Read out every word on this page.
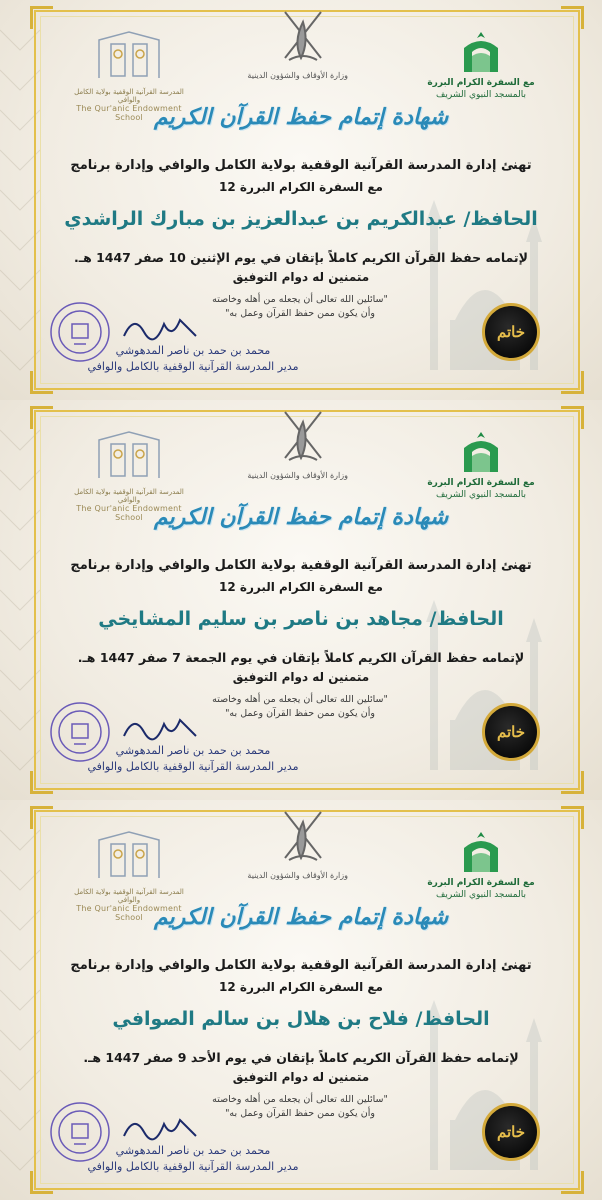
مع السفرة الكرام البررة
بالمسجد النبوي الشريف
وزارة الأوقاف والشؤون الدينية
المدرسة القرآنية الوقفية بولاية الكامل والوافي
The Qur'anic Endowment School شهادة إتمام حفظ القرآن الكريم
تهنئ إدارة المدرسة القرآنية الوقفية بولاية الكامل والوافي وإدارة برنامج
مع السفرة الكرام البررة 12
الحافظ/ عبدالكريم بن عبدالعزيز بن مبارك الراشدي
لإتمامه حفظ القرآن الكريم كاملاً بإتقان في يوم الإثنين 10 صفر 1447 هـ.
متمنين له دوام التوفيق
"سائلين الله تعالى أن يجعله من أهله وخاصته
وأن يكون ممن حفظ القرآن وعمل به"
محمد بن حمد بن ناصر المدهوشي
مدير المدرسة القرآنية الوقفية بالكامل والوافي
خاتم
مع السفرة الكرام البررة
بالمسجد النبوي الشريف
وزارة الأوقاف والشؤون الدينية
المدرسة القرآنية الوقفية بولاية الكامل والوافي
The Qur'anic Endowment School شهادة إتمام حفظ القرآن الكريم
تهنئ إدارة المدرسة القرآنية الوقفية بولاية الكامل والوافي وإدارة برنامج
مع السفرة الكرام البررة 12
الحافظ/ مجاهد بن ناصر بن سليم المشايخي
لإتمامه حفظ القرآن الكريم كاملاً بإتقان في يوم الجمعة 7 صفر 1447 هـ.
متمنين له دوام التوفيق
"سائلين الله تعالى أن يجعله من أهله وخاصته
وأن يكون ممن حفظ القرآن وعمل به"
محمد بن حمد بن ناصر المدهوشي
مدير المدرسة القرآنية الوقفية بالكامل والوافي
خاتم
مع السفرة الكرام البررة
بالمسجد النبوي الشريف
وزارة الأوقاف والشؤون الدينية
المدرسة القرآنية الوقفية بولاية الكامل والوافي
The Qur'anic Endowment School شهادة إتمام حفظ القرآن الكريم
تهنئ إدارة المدرسة القرآنية الوقفية بولاية الكامل والوافي وإدارة برنامج
مع السفرة الكرام البررة 12
الحافظ/ فلاح بن هلال بن سالم الصوافي
لإتمامه حفظ القرآن الكريم كاملاً بإتقان في يوم الأحد 9 صفر 1447 هـ.
متمنين له دوام التوفيق
"سائلين الله تعالى أن يجعله من أهله وخاصته
وأن يكون ممن حفظ القرآن وعمل به"
محمد بن حمد بن ناصر المدهوشي
مدير المدرسة القرآنية الوقفية بالكامل والوافي
خاتم
